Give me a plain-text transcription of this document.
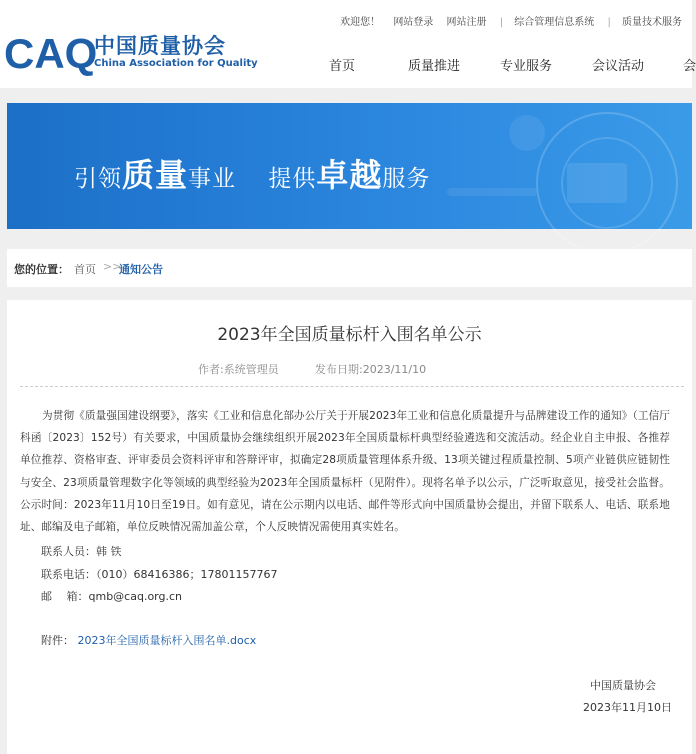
欢迎您！ 网站登录 网站注册 | 综合管理信息系统 | 质量技术服务
CAQ
中国质量协会
China Association for Quality	首页	质量推进	专业服务	会议活动	会
引领质量事业 提供卓越服务
您的位置： 首页 >>
通知公告
2023年全国质量标杆入围名单公示
作者:系统管理员	发布日期:2023/11/10
为贯彻《质量强国建设纲要》，落实《工业和信息化部办公厅关于开展2023年工业和信息化质量提升与品牌建设工作的通知》（工信厅科函〔2023〕152号）有关要求，中国质量协会继续组织开展2023年全国质量标杆典型经验遴选和交流活动。经企业自主申报、各推荐单位推荐、资格审查、评审委员会资料评审和答辩评审，拟确定28项质量管理体系升级、13项关键过程质量控制、5项产业链供应链韧性与安全、23项质量管理数字化等领域的典型经验为2023年全国质量标杆（见附件）。现将名单予以公示，广泛听取意见，接受社会监督。公示时间：2023年11月10日至19日。如有意见，请在公示期内以电话、邮件等形式向中国质量协会提出，并留下联系人、电话、联系地址、邮编及电子邮箱，单位反映情况需加盖公章，个人反映情况需使用真实姓名。
联系人员：韩 铁
联系电话：（010）68416386；17801157767
邮　 箱：qmb@caq.org.cn
附件： 2023年全国质量标杆入围名单.docx
中国质量协会
2023年11月10日
